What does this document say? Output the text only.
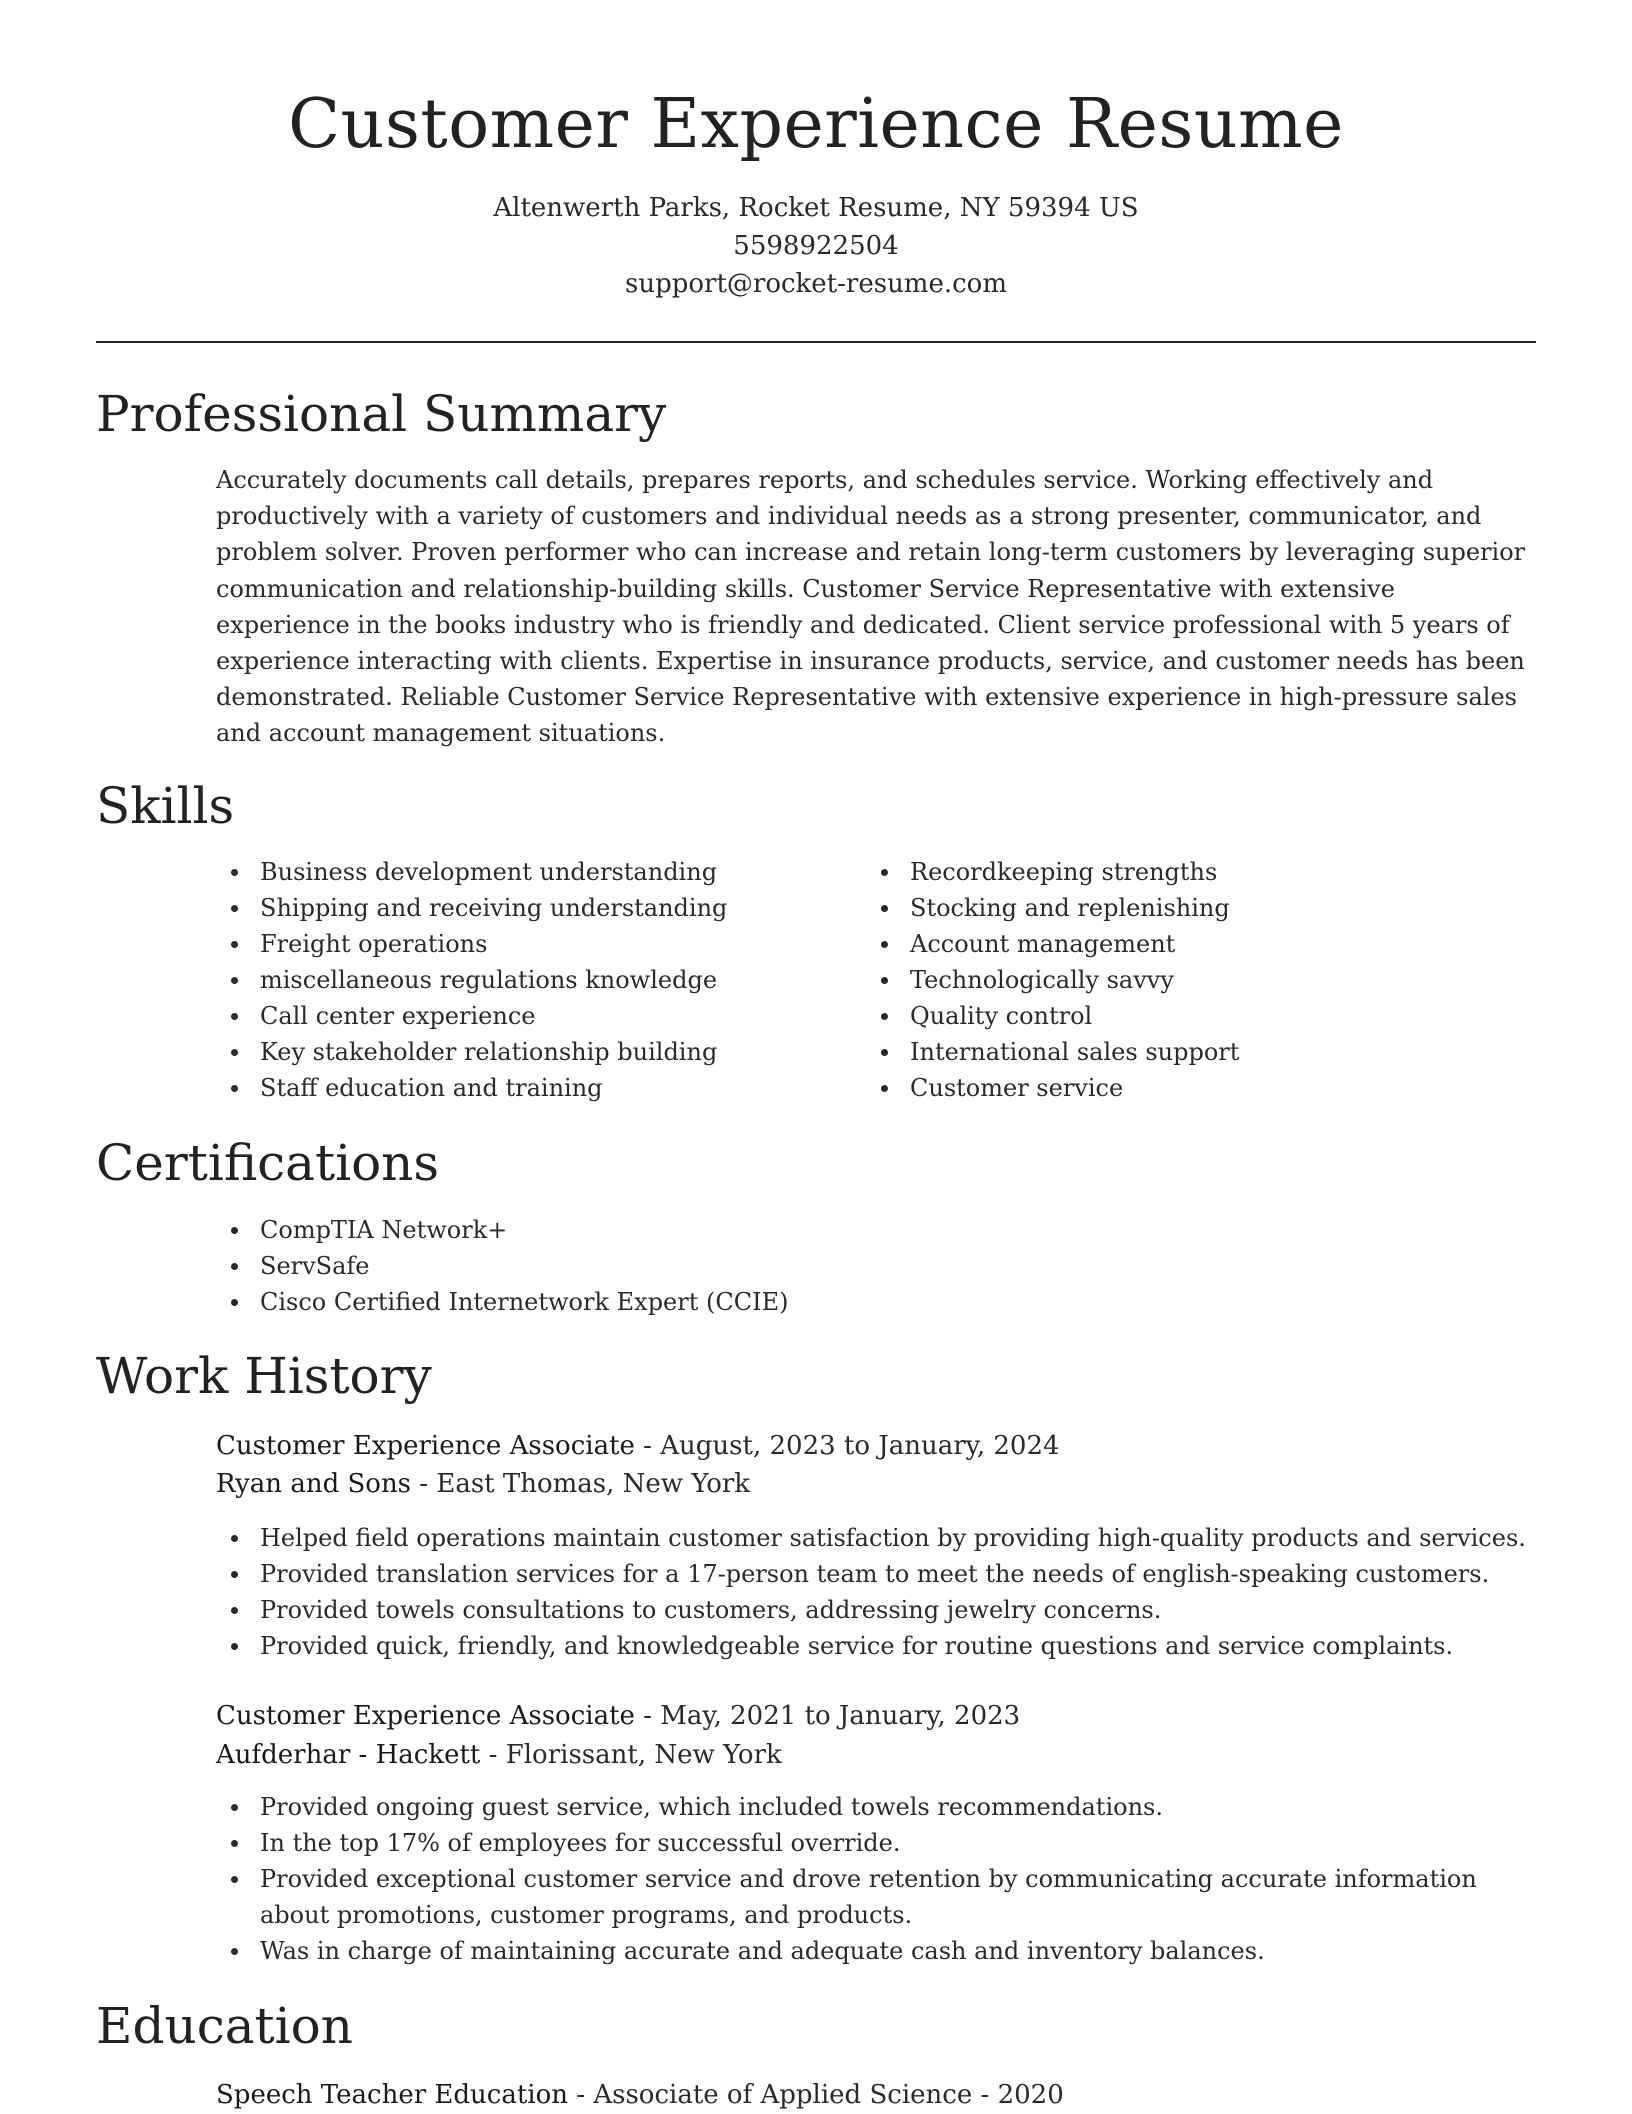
Customer Experience Resume
Altenwerth Parks, Rocket Resume, NY 59394 US
5598922504
support@rocket-resume.com
Professional Summary

Accurately documents call details, prepares reports, and schedules service. Working effectively and productively with a variety of customers and individual needs as a strong presenter, communicator, and problem solver. Proven performer who can increase and retain long-term customers by leveraging superior communication and relationship-building skills. Customer Service Representative with extensive experience in the books industry who is friendly and dedicated. Client service professional with 5 years of experience interacting with clients. Expertise in insurance products, service, and customer needs has been demonstrated. Reliable Customer Service Representative with extensive experience in high-pressure sales and account management situations.

Skills
Business development understanding
Shipping and receiving understanding
Freight operations
miscellaneous regulations knowledge
Call center experience
Key stakeholder relationship building
Staff education and training
Recordkeeping strengths
Stocking and replenishing
Account management
Technologically savvy
Quality control
International sales support
Customer service
Certifications
CompTIA Network+
ServSafe
Cisco Certified Internetwork Expert (CCIE)
Work History
Customer Experience Associate - August, 2023 to January, 2024
Ryan and Sons - East Thomas, New York
Helped field operations maintain customer satisfaction by providing high-quality products and services.
Provided translation services for a 17-person team to meet the needs of english-speaking customers.
Provided towels consultations to customers, addressing jewelry concerns.
Provided quick, friendly, and knowledgeable service for routine questions and service complaints.
Customer Experience Associate - May, 2021 to January, 2023
Aufderhar - Hackett - Florissant, New York
Provided ongoing guest service, which included towels recommendations.
In the top 17% of employees for successful override.
Provided exceptional customer service and drove retention by communicating accurate information about promotions, customer programs, and products.
Was in charge of maintaining accurate and adequate cash and inventory balances.
Education
Speech Teacher Education - Associate of Applied Science - 2020
